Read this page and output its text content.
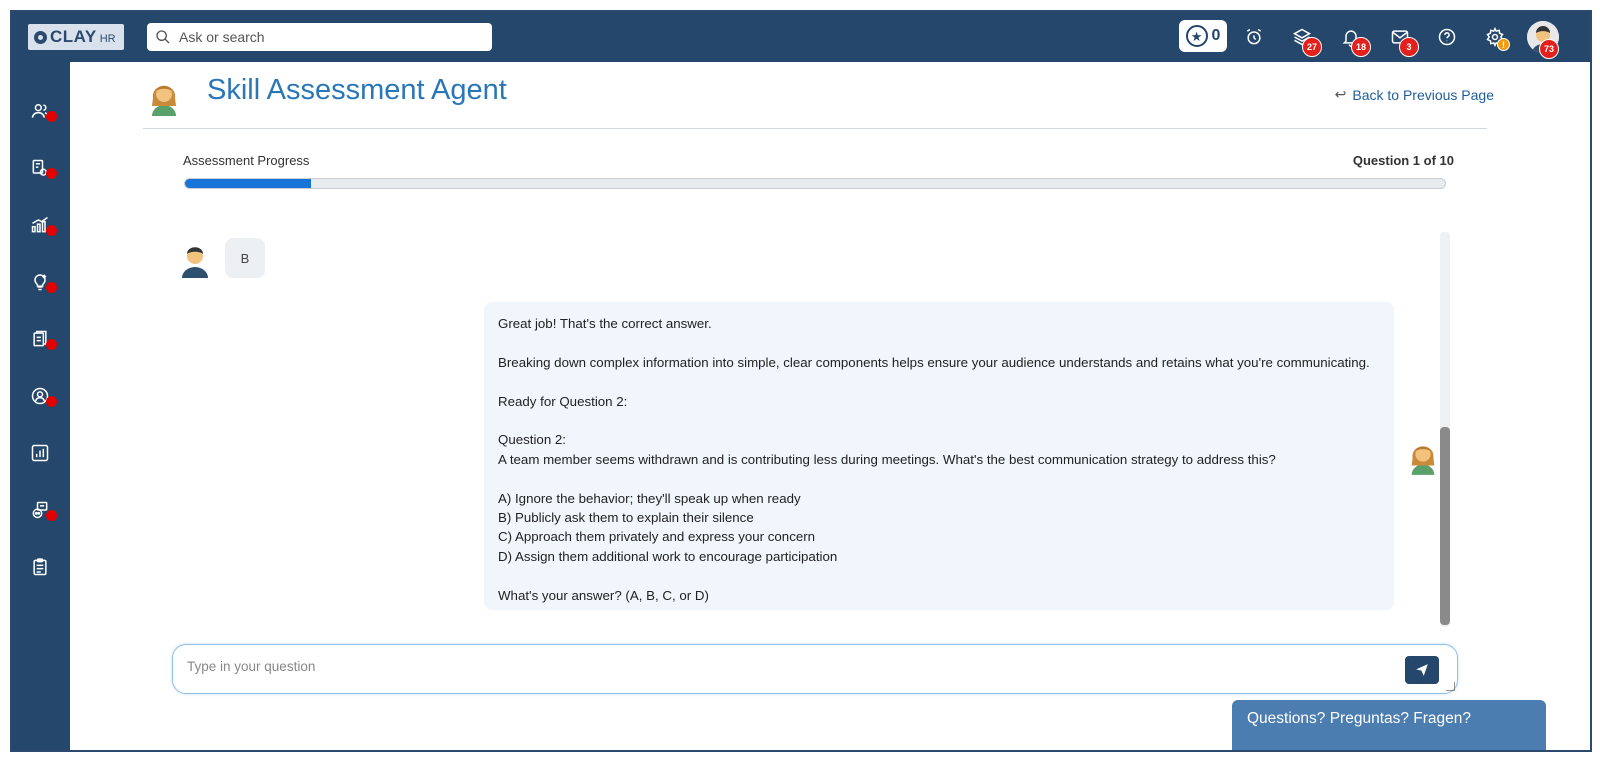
CLAY HR
Ask or search	★ 0
27	18	3	!	73
Skill Assessment Agent	↩ Back to Previous Page
Assessment Progress	Question 1 of 10
B

Great job! That's the correct answer.

Breaking down complex information into simple, clear components helps ensure your audience understands and retains what you're communicating.

Ready for Question 2:

Question 2:

A team member seems withdrawn and is contributing less during meetings. What's the best communication strategy to address this?

A) Ignore the behavior; they'll speak up when ready

B) Publicly ask them to explain their silence

C) Approach them privately and express your concern

D) Assign them additional work to encourage participation

What's your answer? (A, B, C, or D)

Type in your question
Questions? Preguntas? Fragen?
